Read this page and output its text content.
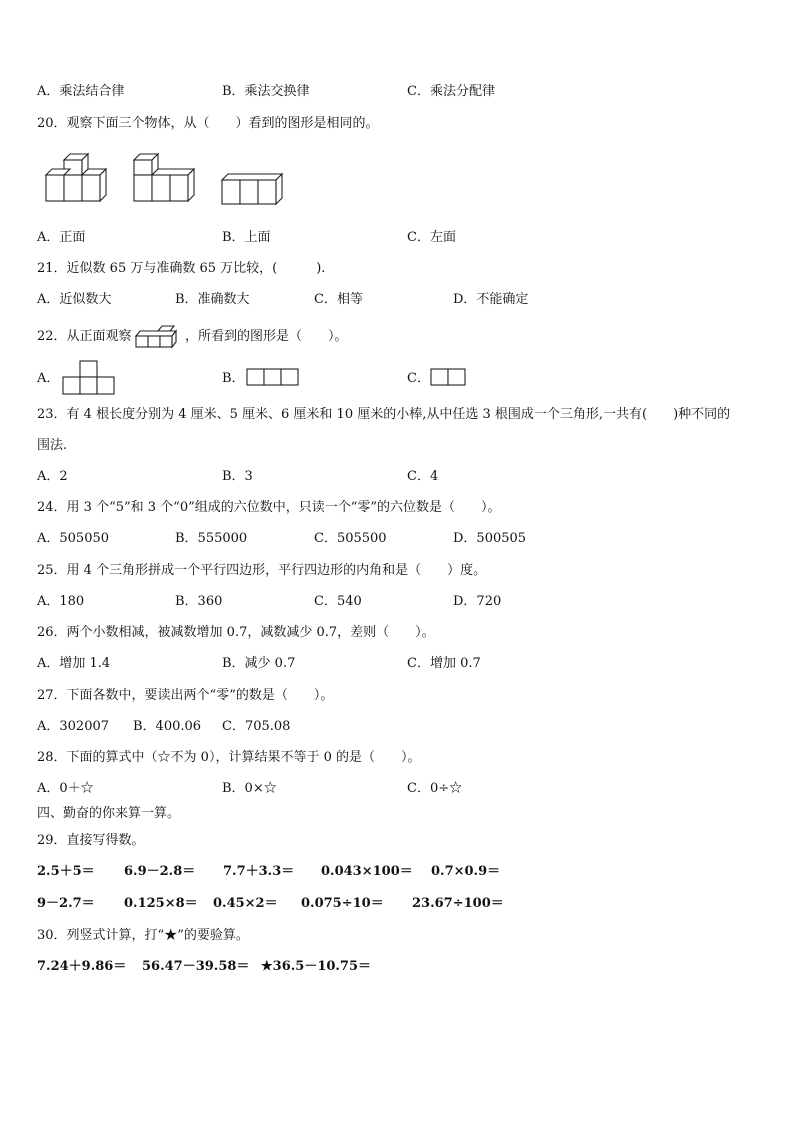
A．乘法结合律	B．乘法交换律	C．乘法分配律
20．观察下面三个物体，从（　　）看到的图形是相同的。
A．正面	B．上面	C．左面
21．近似数 65 万与准确数 65 万比较，(　　　).
A．近似数大	B．准确数大	C．相等	D．不能确定
22．从正面观察	，所看到的图形是（　　）。
A．	B．	C．
23．有 4 根长度分别为 4 厘米、5 厘米、6 厘米和 10 厘米的小棒,从中任选 3 根围成一个三角形,一共有(　　)种不同的
围法.
A．2	B．3	C．4
24．用 3 个“5”和 3 个“0”组成的六位数中，只读一个“零”的六位数是（　　）。
A．505050	B．555000	C．505500	D．500505
25．用 4 个三角形拼成一个平行四边形，平行四边形的内角和是（　　）度。
A．180	B．360	C．540	D．720
26．两个小数相减，被减数增加 0.7，减数减少 0.7，差则（　　）。
A．增加 1.4	B．减少 0.7	C．增加 0.7
27．下面各数中，要读出两个“零”的数是（　　）。
A．302007 B．400.06 C．705.08
28．下面的算式中（☆不为 0），计算结果不等于 0 的是（　　）。
A．0＋☆	B．0×☆	C．0÷☆
四、勤奋的你来算一算。
29．直接写得数。
2.5＋5＝ 6.9－2.8＝ 7.7＋3.3＝ 0.043×100＝ 0.7×0.9＝
9－2.7＝ 0.125×8＝ 0.45×2＝ 0.075÷10＝ 23.67÷100＝
30．列竖式计算，打“★”的要验算。
7.24＋9.86＝ 56.47－39.58＝ ★36.5－10.75＝
